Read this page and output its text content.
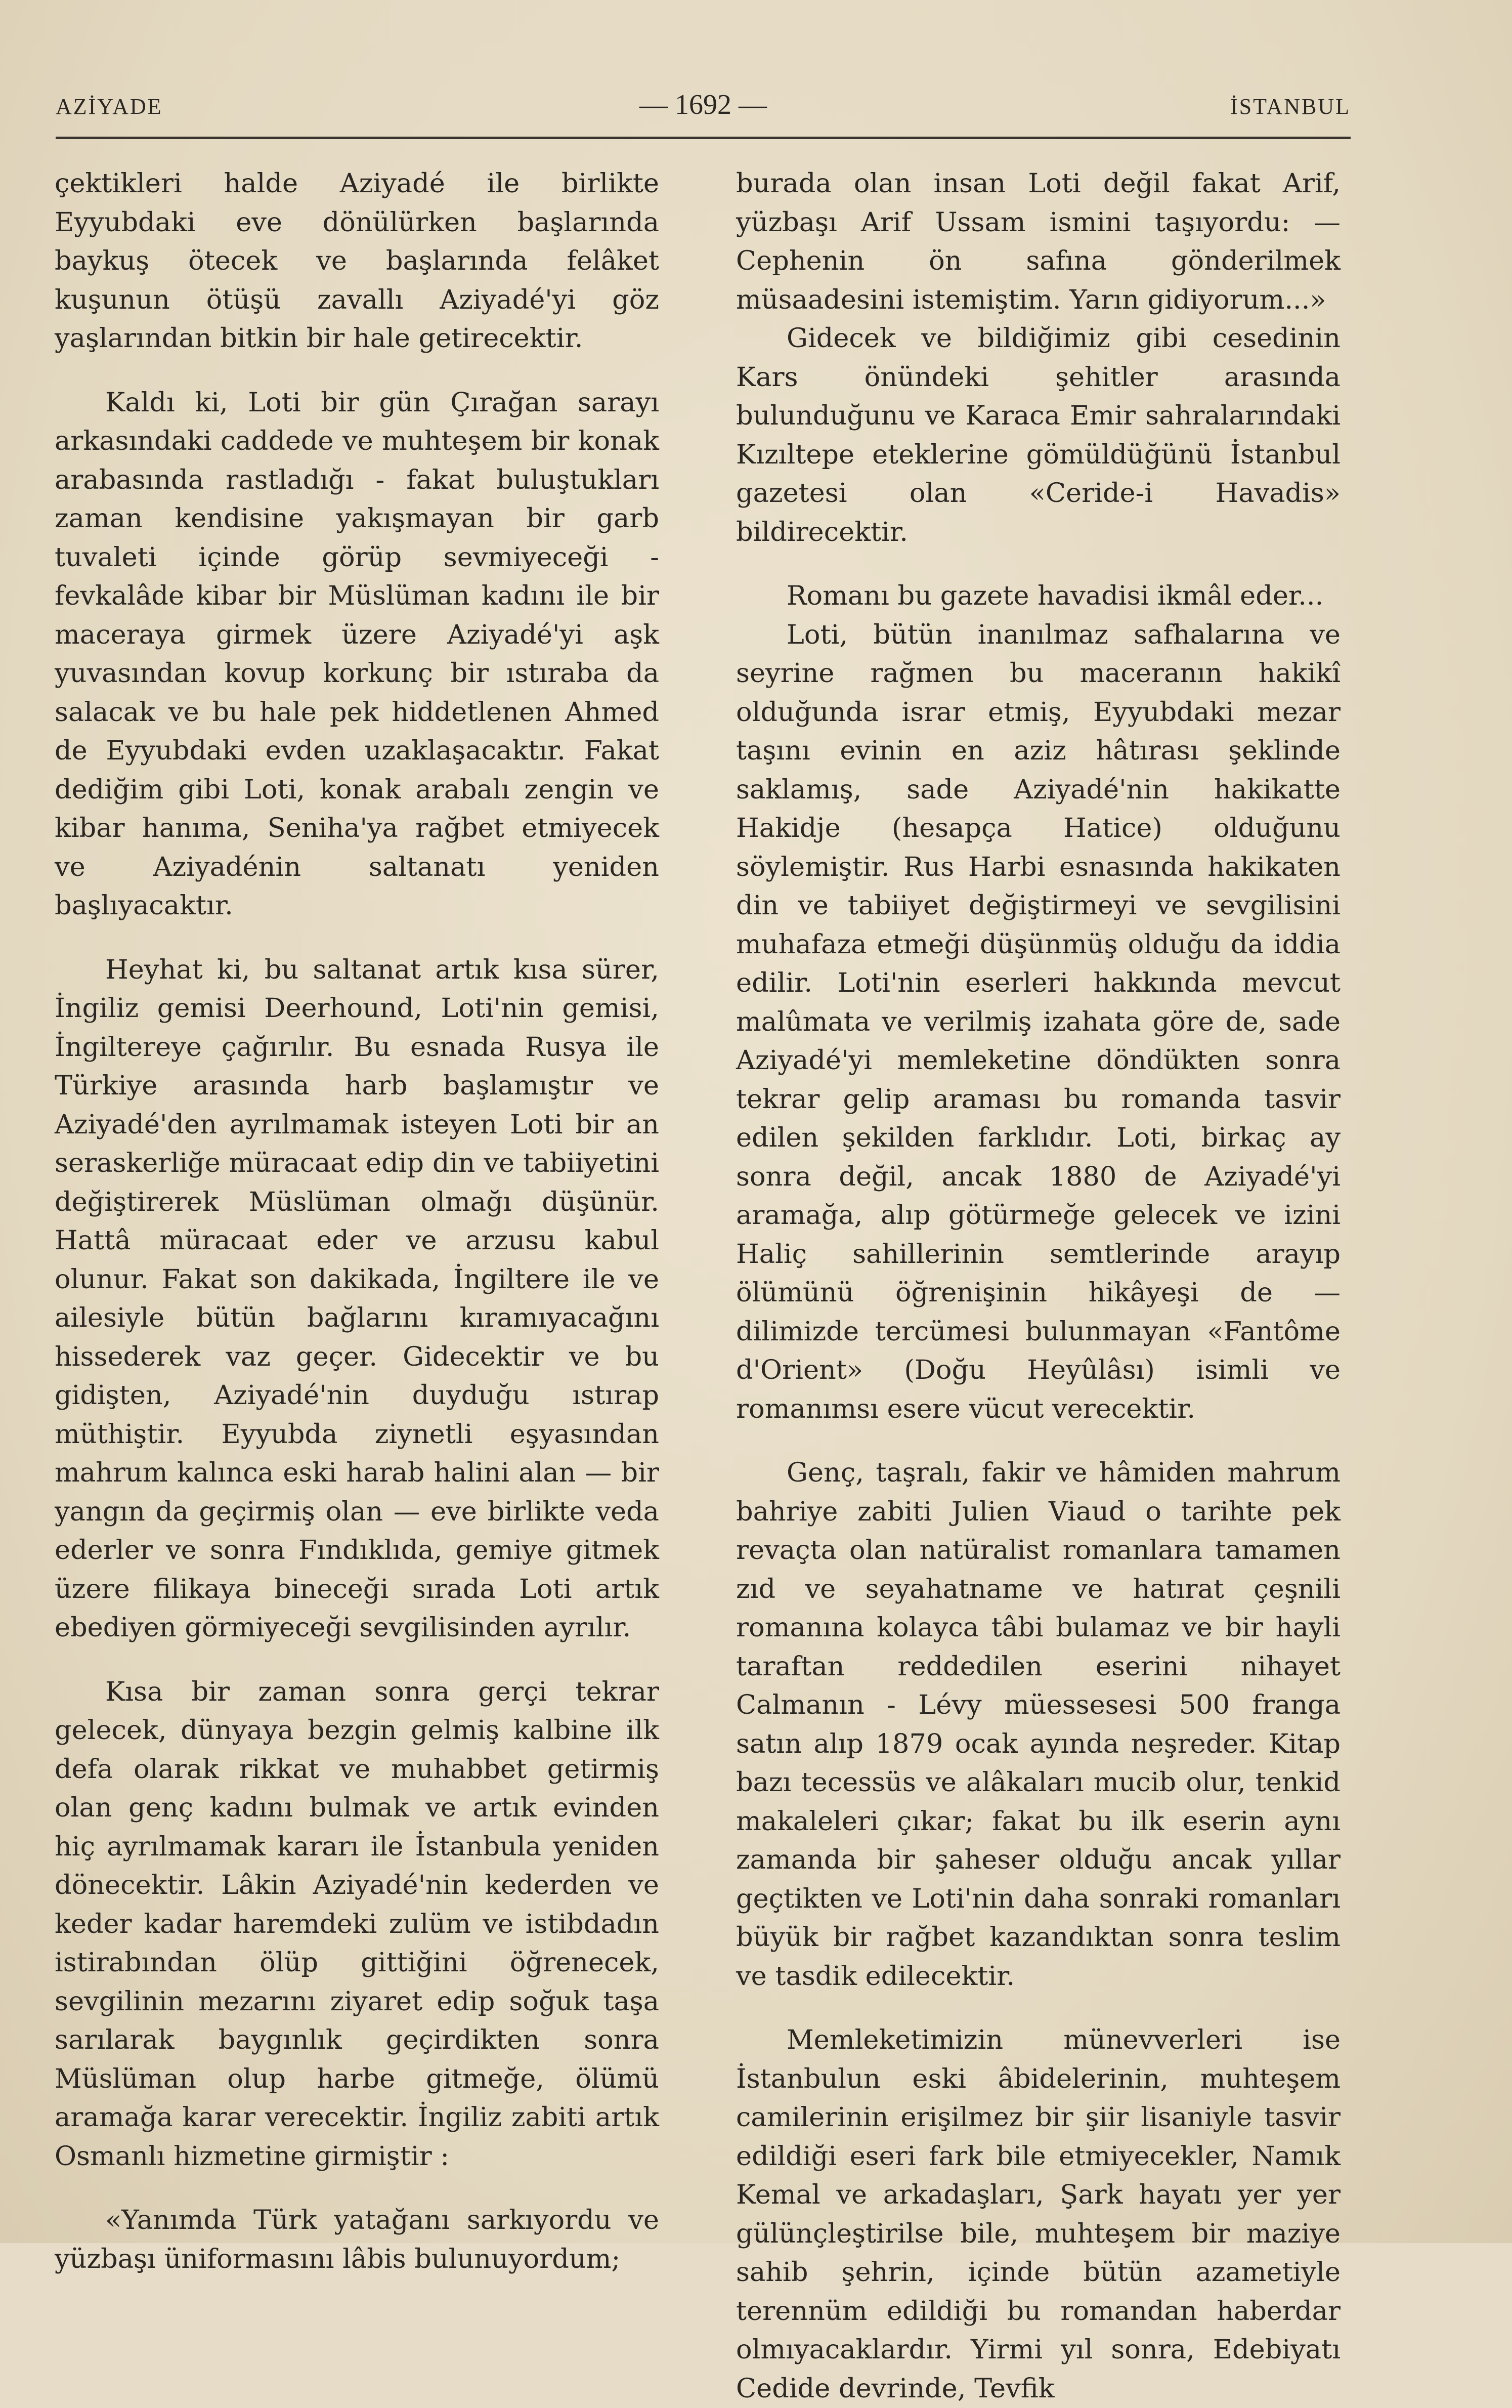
AZİYADE	— 1692 —	İSTANBUL

çektikleri halde Aziyadé ile birlikte Eyyubdaki eve dönülürken başlarında baykuş ötecek ve başlarında felâket kuşunun ötüşü zavallı Aziyadé'yi göz yaşlarından bitkin bir hale getirecektir.

Kaldı ki, Loti bir gün Çırağan sarayı arkasındaki caddede ve muhteşem bir konak arabasında rastladığı - fakat buluştukları zaman kendisine yakışmayan bir garb tuvaleti içinde görüp sevmiyeceği - fevkalâde kibar bir Müslüman kadını ile bir maceraya girmek üzere Aziyadé'yi aşk yuvasından kovup korkunç bir ıstıraba da salacak ve bu hale pek hiddetlenen Ahmed de Eyyubdaki evden uzaklaşacaktır. Fakat dediğim gibi Loti, konak arabalı zengin ve kibar hanıma, Seniha'ya rağbet etmiyecek ve Aziyadénin saltanatı yeniden başlıyacaktır.

Heyhat ki, bu saltanat artık kısa sürer, İngiliz gemisi Deerhound, Loti'nin gemisi, İngiltereye çağırılır. Bu esnada Rusya ile Türkiye arasında harb başlamıştır ve Aziyadé'den ayrılmamak isteyen Loti bir an seraskerliğe müracaat edip din ve tabiiyetini değiştirerek Müslüman olmağı düşünür. Hattâ müracaat eder ve arzusu kabul olunur. Fakat son dakikada, İngiltere ile ve ailesiyle bütün bağlarını kıramıyacağını hissederek vaz geçer. Gidecektir ve bu gidişten, Aziyadé'nin duyduğu ıstırap müthiştir. Eyyubda ziynetli eşyasından mahrum kalınca eski harab halini alan — bir yangın da geçirmiş olan — eve birlikte veda ederler ve sonra Fındıklıda, gemiye gitmek üzere filikaya bineceği sırada Loti artık ebediyen görmiyeceği sevgilisinden ayrılır.

Kısa bir zaman sonra gerçi tekrar gelecek, dünyaya bezgin gelmiş kalbine ilk defa olarak rikkat ve muhabbet getirmiş olan genç kadını bulmak ve artık evinden hiç ayrılmamak kararı ile İstanbula yeniden dönecektir. Lâkin Aziyadé'nin kederden ve keder kadar haremdeki zulüm ve istibdadın istirabından ölüp gittiğini öğrenecek, sevgilinin mezarını ziyaret edip soğuk taşa sarılarak baygınlık geçirdikten sonra Müslüman olup harbe gitmeğe, ölümü aramağa karar verecektir. İngiliz zabiti artık Osmanlı hizmetine girmiştir :

«Yanımda Türk yatağanı sarkıyordu ve yüzbaşı üniformasını lâbis bulunuyordum;

burada olan insan Loti değil fakat Arif, yüzbaşı Arif Ussam ismini taşıyordu: — Cephenin ön safına gönderilmek müsaadesini istemiştim. Yarın gidiyorum...»

Gidecek ve bildiğimiz gibi cesedinin Kars önündeki şehitler arasında bulunduğunu ve Karaca Emir sahralarındaki Kızıltepe eteklerine gömüldüğünü İstanbul gazetesi olan «Ceride-i Havadis» bildirecektir.

Romanı bu gazete havadisi ikmâl eder...

Loti, bütün inanılmaz safhalarına ve seyrine rağmen bu maceranın hakikî olduğunda israr etmiş, Eyyubdaki mezar taşını evinin en aziz hâtırası şeklinde saklamış, sade Aziyadé'nin hakikatte Hakidje (hesapça Hatice) olduğunu söylemiştir. Rus Harbi esnasında hakikaten din ve tabiiyet değiştirmeyi ve sevgilisini muhafaza etmeği düşünmüş olduğu da iddia edilir. Loti'nin eserleri hakkında mevcut malûmata ve verilmiş izahata göre de, sade Aziyadé'yi memleketine döndükten sonra tekrar gelip araması bu romanda tasvir edilen şekilden farklıdır. Loti, birkaç ay sonra değil, ancak 1880 de Aziyadé'yi aramağa, alıp götürmeğe gelecek ve izini Haliç sahillerinin semtlerinde arayıp ölümünü öğrenişinin hikâyeşi de — dilimizde tercümesi bulunmayan «Fantôme d'Orient» (Doğu Heyûlâsı) isimli ve romanımsı esere vücut verecektir.

Genç, taşralı, fakir ve hâmiden mahrum bahriye zabiti Julien Viaud o tarihte pek revaçta olan natüralist romanlara tamamen zıd ve seyahatname ve hatırat çeşnili romanına kolayca tâbi bulamaz ve bir hayli taraftan reddedilen eserini nihayet Calmanın - Lévy müessesesi 500 franga satın alıp 1879 ocak ayında neşreder. Kitap bazı tecessüs ve alâkaları mucib olur, tenkid makaleleri çıkar; fakat bu ilk eserin aynı zamanda bir şaheser olduğu ancak yıllar geçtikten ve Loti'nin daha sonraki romanları büyük bir rağbet kazandıktan sonra teslim ve tasdik edilecektir.

Memleketimizin münevverleri ise İstanbulun eski âbidelerinin, muhteşem camilerinin erişilmez bir şiir lisaniyle tasvir edildiği eseri fark bile etmiyecekler, Namık Kemal ve arkadaşları, Şark hayatı yer yer gülünçleştirilse bile, muhteşem bir maziye sahib şehrin, içinde bütün azametiyle terennüm edildiği bu romandan haberdar olmıyacaklardır. Yirmi yıl sonra, Edebiyatı Cedide devrinde, Tevfik
